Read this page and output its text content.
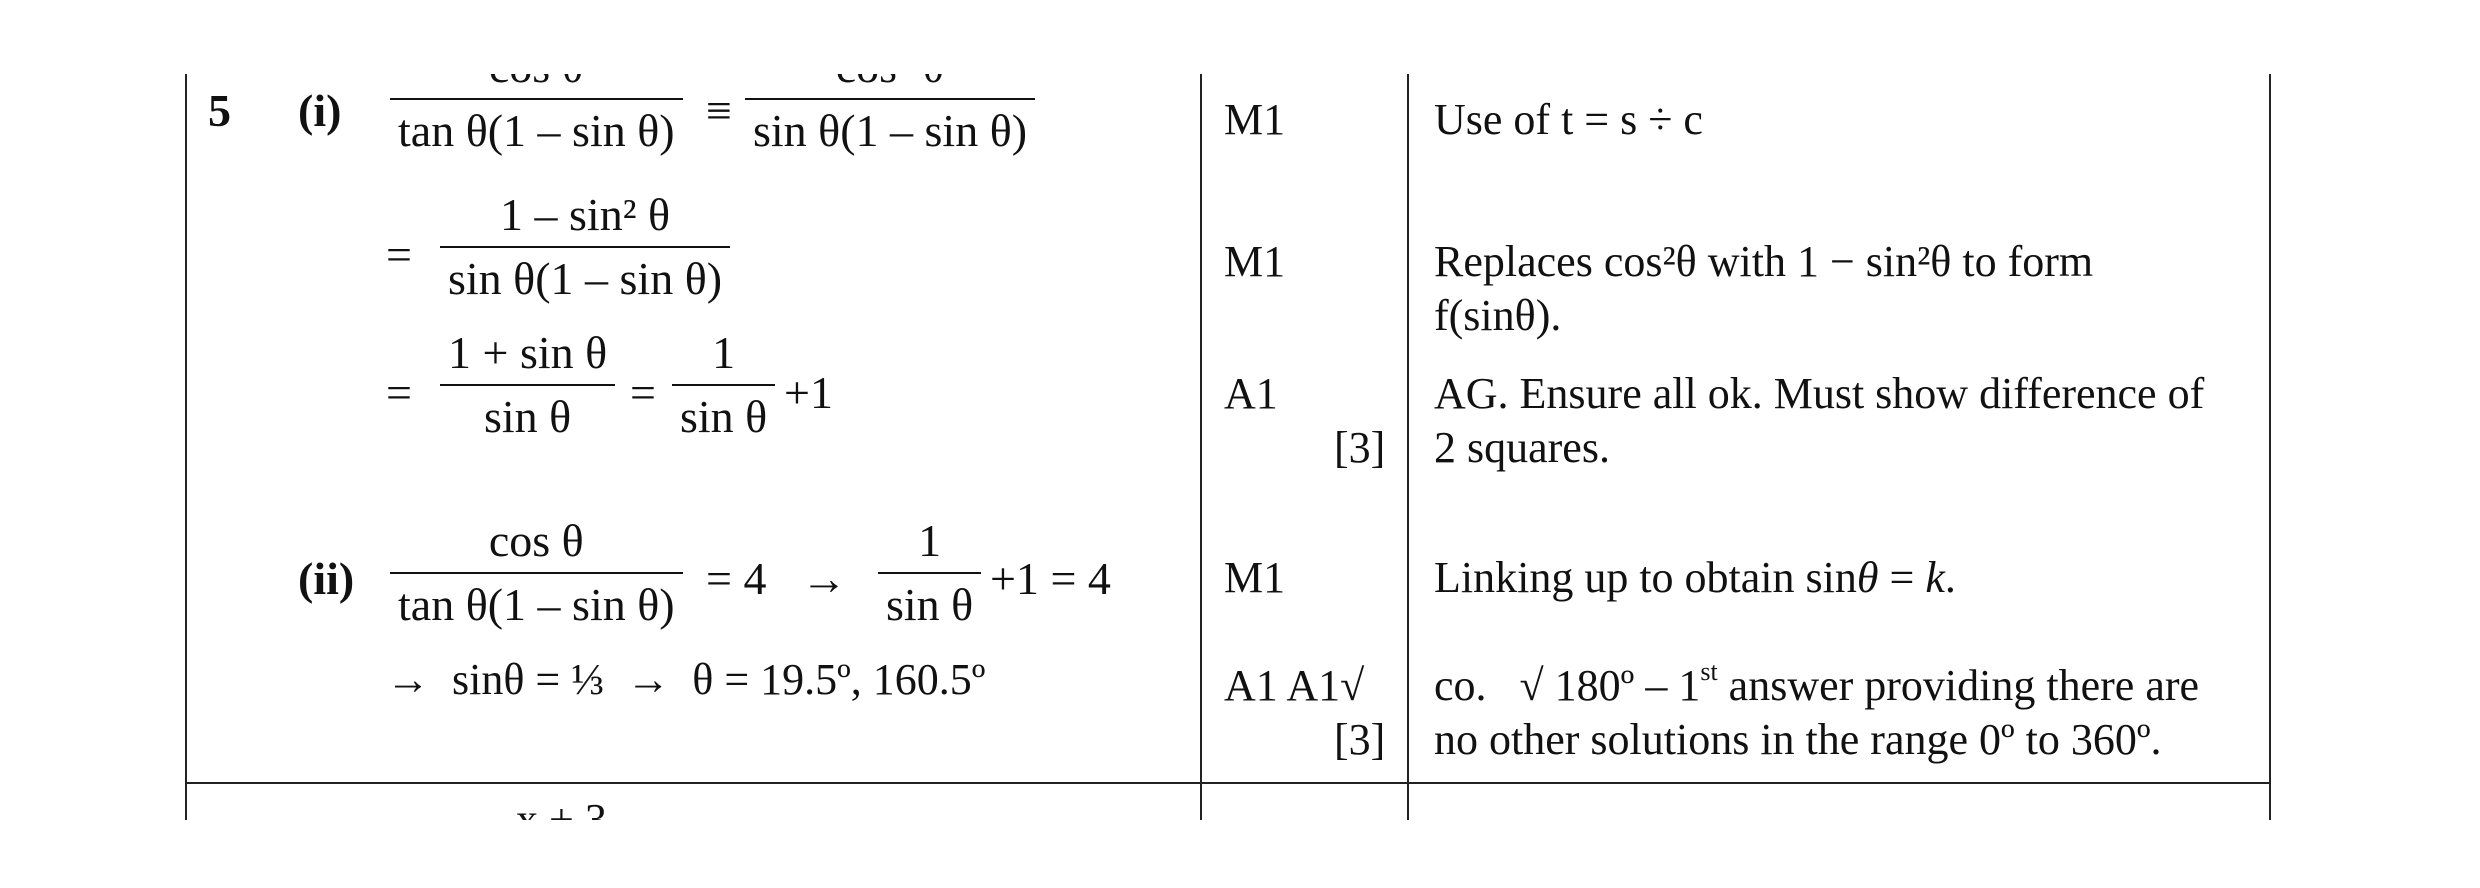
5 (i) tan θ(1 – sin θ) ≡ sin θ(1 – sin θ)
=
1 – sin² θ
sin θ(1 – sin θ)
=
1 + sin θ
sin θ =
1
sin θ +1
(ii)
cos θ
tan θ(1 – sin θ)
= 4   →
1
sin θ
+1 = 4
→  sinθ = ⅓  →  θ = 19.5º, 160.5º
M1
M1
A1
[3]
M1
A1 A1√
[3]
Use of t = s ÷ c
Replaces cos²θ with 1 − sin²θ to form
f(sinθ).
AG. Ensure all ok. Must show difference of
2 squares.
Linking up to obtain sinθ = k.
co.   √ 180º – 1st answer providing there are
no other solutions in the range 0º to 360º.
